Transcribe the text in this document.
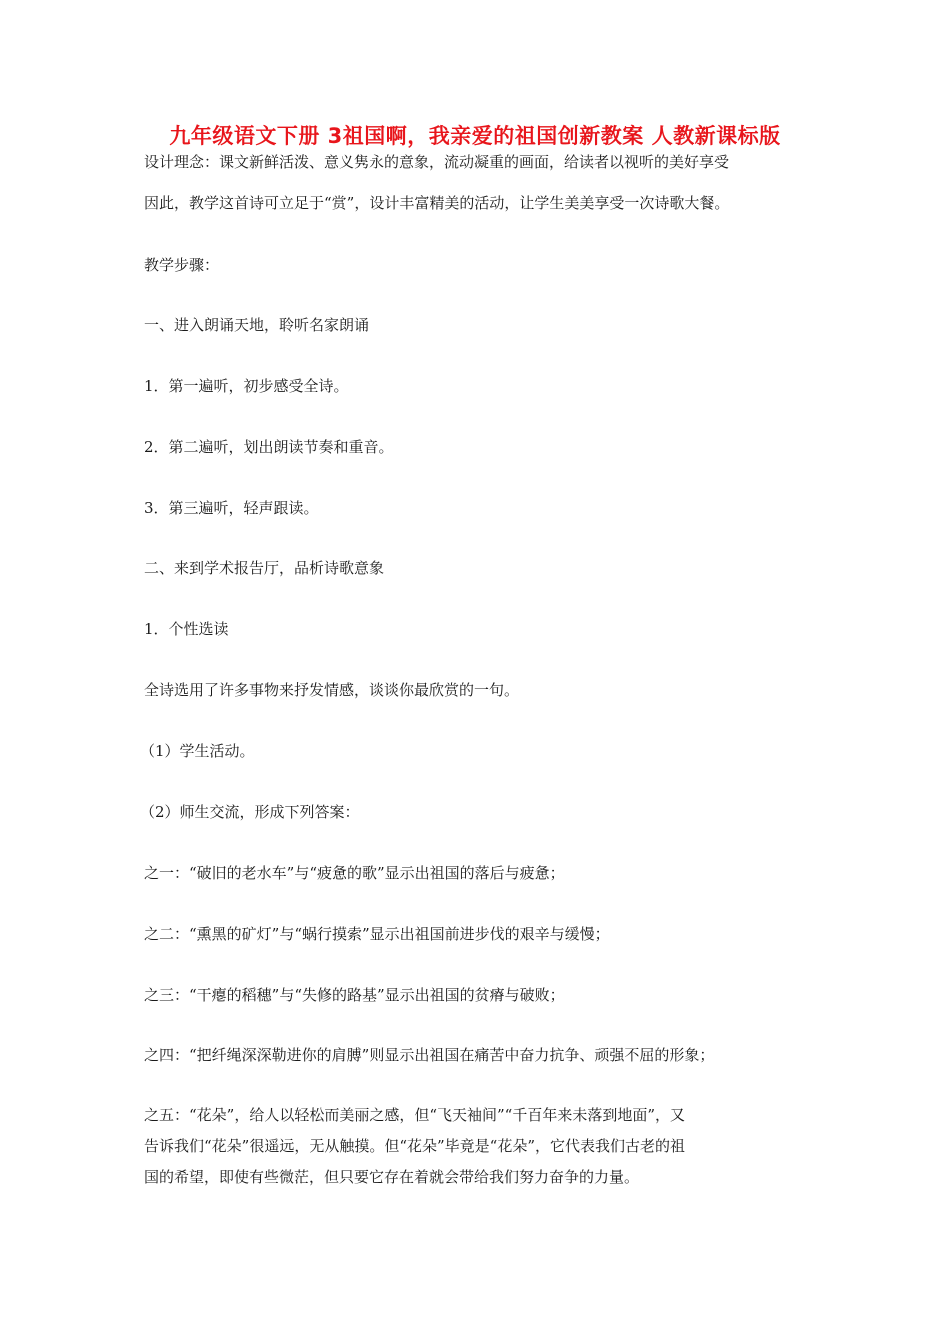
九年级语文下册 3祖国啊，我亲爱的祖国创新教案 人教新课标版
设计理念：课文新鲜活泼、意义隽永的意象，流动凝重的画面，给读者以视听的美好享受
因此，教学这首诗可立足于“赏”，设计丰富精美的活动，让学生美美享受一次诗歌大餐。
教学步骤：
一、进入朗诵天地，聆听名家朗诵
1．第一遍听，初步感受全诗。
2．第二遍听，划出朗读节奏和重音。
3．第三遍听，轻声跟读。
二、来到学术报告厅，品析诗歌意象
1．个性选读
全诗选用了许多事物来抒发情感，谈谈你最欣赏的一句。
（1）学生活动。
（2）师生交流，形成下列答案：
之一：“破旧的老水车”与“疲惫的歌”显示出祖国的落后与疲惫；
之二：“熏黑的矿灯”与“蜗行摸索”显示出祖国前进步伐的艰辛与缓慢；
之三：“干瘪的稻穗”与“失修的路基”显示出祖国的贫瘠与破败；
之四：“把纤绳深深勒进你的肩膊”则显示出祖国在痛苦中奋力抗争、顽强不屈的形象；
之五：“花朵”，给人以轻松而美丽之感，但“飞天袖间”“千百年来未落到地面”，又
告诉我们“花朵”很遥远，无从触摸。但“花朵”毕竟是“花朵”，它代表我们古老的祖
国的希望，即使有些微茫，但只要它存在着就会带给我们努力奋争的力量。
